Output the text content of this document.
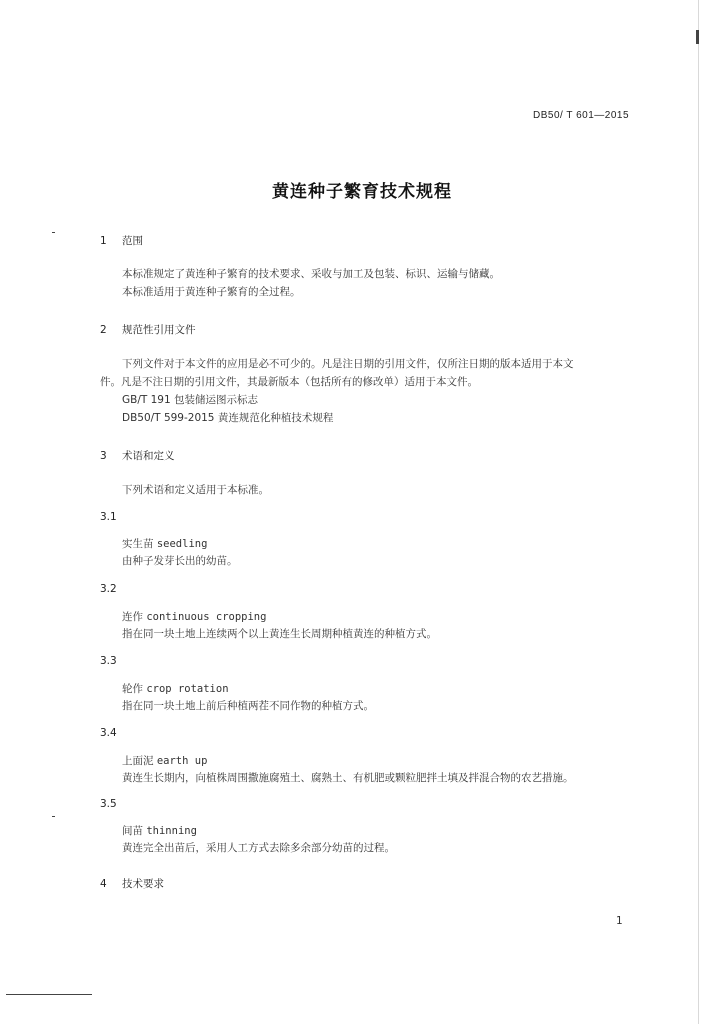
DB50/ T 601—2015
黄连种子繁育技术规程
1 范围
本标准规定了黄连种子繁育的技术要求、采收与加工及包装、标识、运输与储藏。
本标准适用于黄连种子繁育的全过程。
2 规范性引用文件
下列文件对于本文件的应用是必不可少的。凡是注日期的引用文件，仅所注日期的版本适用于本文
件。凡是不注日期的引用文件，其最新版本（包括所有的修改单）适用于本文件。
GB/T 191 包装储运图示标志
DB50/T 599-2015 黄连规范化种植技术规程
3 术语和定义
下列术语和定义适用于本标准。
3.1
实生苗 seedling
由种子发芽长出的幼苗。
3.2
连作 continuous cropping
指在同一块土地上连续两个以上黄连生长周期种植黄连的种植方式。
3.3
轮作 crop rotation
指在同一块土地上前后种植两茬不同作物的种植方式。
3.4
上面泥 earth up
黄连生长期内，向植株周围撒施腐殖土、腐熟土、有机肥或颗粒肥拌土填及拌混合物的农艺措施。
3.5
间苗 thinning
黄连完全出苗后，采用人工方式去除多余部分幼苗的过程。
4 技术要求
1
